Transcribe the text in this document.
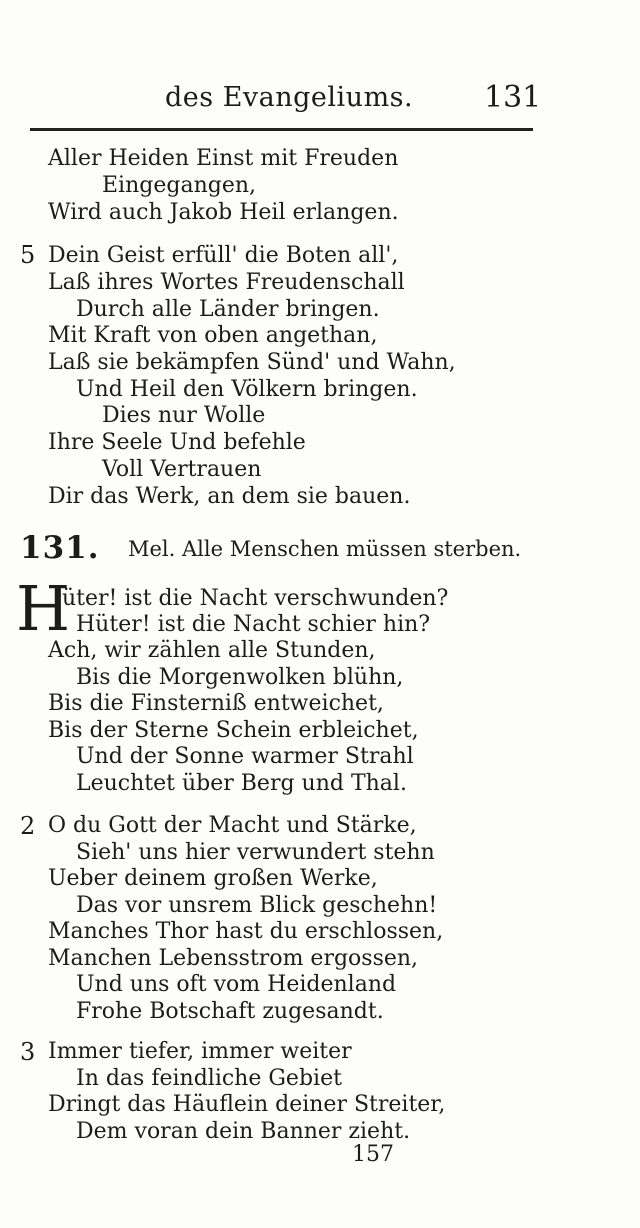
des Evangeliums. 131
Aller Heiden Einst mit Freuden
Eingegangen,
Wird auch Jakob Heil erlangen.
5 Dein Geist erfüll' die Boten all',
Laß ihres Wortes Freudenschall
Durch alle Länder bringen.
Mit Kraft von oben angethan,
Laß sie bekämpfen Sünd' und Wahn,
Und Heil den Völkern bringen.
Dies nur Wolle
Ihre Seele Und befehle
Voll Vertrauen
Dir das Werk, an dem sie bauen.
131. Mel. Alle Menschen müssen sterben.
H
üter! ist die Nacht verschwunden?
Hüter! ist die Nacht schier hin?
Ach, wir zählen alle Stunden,
Bis die Morgenwolken blühn,
Bis die Finsterniß entweichet,
Bis der Sterne Schein erbleichet,
Und der Sonne warmer Strahl
Leuchtet über Berg und Thal.
2 O du Gott der Macht und Stärke,
Sieh' uns hier verwundert stehn
Ueber deinem großen Werke,
Das vor unsrem Blick geschehn!
Manches Thor hast du erschlossen,
Manchen Lebensstrom ergossen,
Und uns oft vom Heidenland
Frohe Botschaft zugesandt.
3 Immer tiefer, immer weiter
In das feindliche Gebiet
Dringt das Häuflein deiner Streiter,
Dem voran dein Banner zieht.
157
